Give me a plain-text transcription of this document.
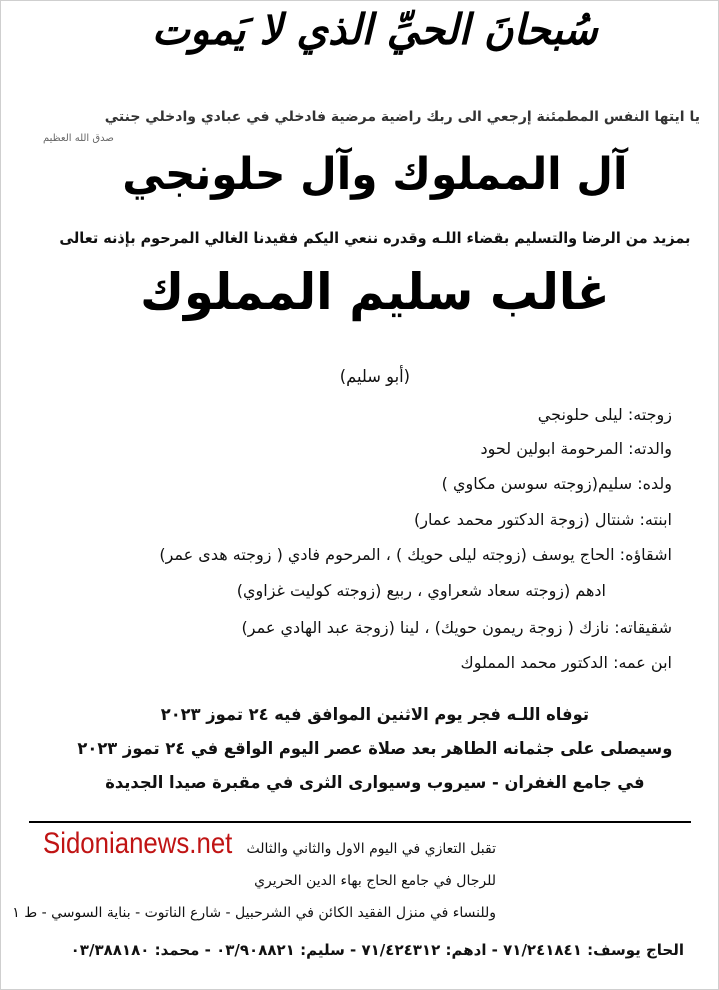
سُبحانَ الحيِّ الذي لا يَموت
يا ايتها النفس المطمئنة إرجعي الى ربك راضية مرضية فادخلي في عبادي وادخلي جنتي
صدق الله العظيم
آل المملوك وآل حلونجي
بمزيد من الرضا والتسليم بقضاء اللـه وقدره ننعي اليكم فقيدنا الغالي المرحوم بإذنه تعالى
غالب سليم المملوك
(أبو سليم)
زوجته: ليلى حلونجي
والدته: المرحومة ابولين لحود
ولده: سليم(زوجته سوسن مكاوي )
ابنته: شنتال (زوجة الدكتور محمد عمار)
اشقاؤه: الحاج يوسف (زوجته ليلى حويك ) ، المرحوم فادي ( زوجته هدى عمر)
ادهم (زوجته سعاد شعراوي ، ربيع (زوجته كوليت غزاوي)
شقيقاته: نازك ( زوجة ريمون حويك) ، لينا (زوجة عبد الهادي عمر)
ابن عمه: الدكتور محمد المملوك
توفاه اللـه فجر يوم الاثنين الموافق فيه ٢٤ تموز ٢٠٢٣
وسيصلى على جثمانه الطاهر بعد صلاة عصر اليوم الواقع في ٢٤ تموز ٢٠٢٣
في جامع الغفران - سيروب وسيوارى الثرى في مقبرة صيدا الجديدة
Sidonianews.net تقبل التعازي في اليوم الاول والثاني والثالث
للرجال في جامع الحاج بهاء الدين الحريري
وللنساء في منزل الفقيد الكائن في الشرحبيل - شارع الناتوت - بناية السوسي - ط ١
الحاج يوسف: ٧١/٢٤١٨٤١ - ادهم: ٧١/٤٢٤٣١٢ - سليم: ٠٣/٩٠٨٨٢١ - محمد: ٠٣/٣٨٨١٨٠
